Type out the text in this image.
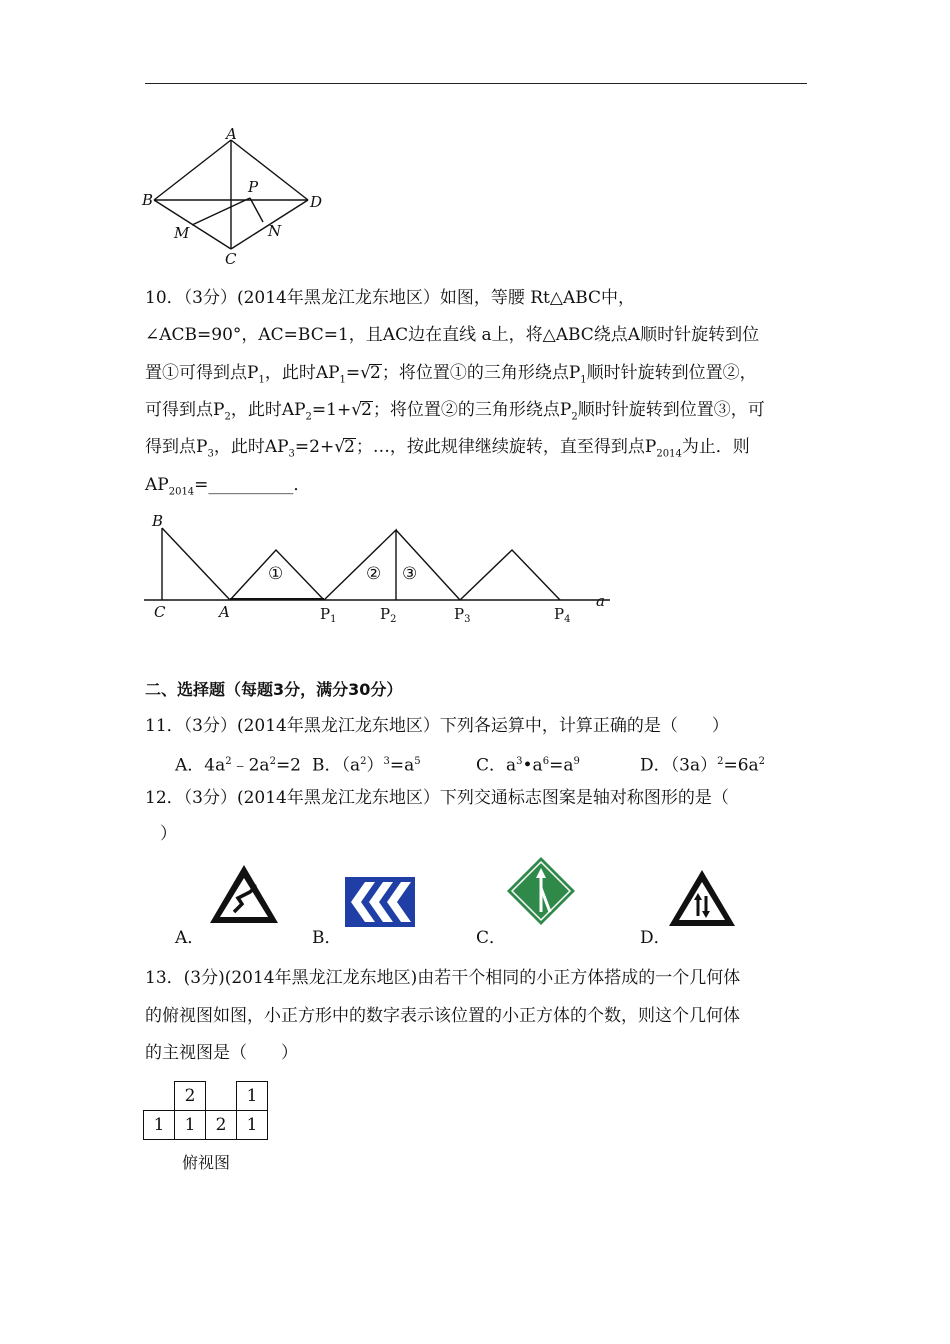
A
B	D
P
M	N
C
10．（3分）(2014年黑龙江龙东地区）如图，等腰 Rt△ABC中，
∠ACB=90°，AC=BC=1，且AC边在直线 a上，将△ABC绕点A顺时针旋转到位
置①可得到点$P_1$，此时$AP_1=√2$；将位置①的三角形绕点$P_1$顺时针旋转到位置②，
可得到点$P_2$，此时$AP_2=1+√2$；将位置②的三角形绕点$P_2$顺时针旋转到位置③，可
得到点$P_3$，此时$AP_3=2+√2$；…，按此规律继续旋转，直至得到点$P_{2014}$为止．则
$AP_{2014}=\_\_\_\_\_\_\_\_\_\_$．
B
C	A	$P_1$	$P_2$	$P_3$	$P_4$
a
①	② ③
二、选择题（每题3分，满分30分）
11．（3分）(2014年黑龙江龙东地区）下列各运算中，计算正确的是（　　）
A．$4a^2﹣2a^2=2$ B．$(a^2)^3=a^5$	C．$a^3•a^6=a^9$	D．$(3a)^2=6a^2$
12．（3分）(2014年黑龙江龙东地区）下列交通标志图案是轴对称图形的是（
）
A．	B．	C．	D．
13．(3分)(2014年黑龙江龙东地区)由若干个相同的小正方体搭成的一个几何体
的俯视图如图，小正方形中的数字表示该位置的小正方体的个数，则这个几何体
的主视图是（　　）
	2		1
1	1	2	1
俯视图
